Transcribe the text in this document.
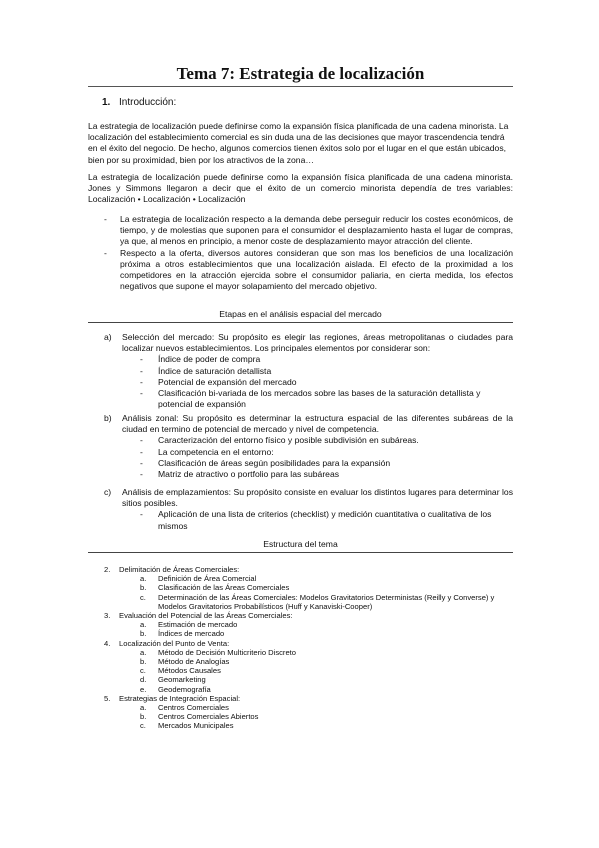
Tema 7: Estrategia de localización
1. Introducción:
La estrategia de localización puede definirse como la expansión física planificada de una cadena minorista. La localización del establecimiento comercial es sin duda una de las decisiones que mayor trascendencia tendrá en el éxito del negocio. De hecho, algunos comercios tienen éxitos solo por el lugar en el que están ubicados, bien por su proximidad, bien por los atractivos de la zona…
La estrategia de localización puede definirse como la expansión física planificada de una cadena minorista. Jones y Simmons llegaron a decir que el éxito de un comercio minorista dependía de tres variables: Localización • Localización • Localización
- La estrategia de localización respecto a la demanda debe perseguir reducir los costes económicos, de tiempo, y de molestias que suponen para el consumidor el desplazamiento hasta el lugar de compras, ya que, al menos en principio, a menor coste de desplazamiento mayor atracción del cliente.
- Respecto a la oferta, diversos autores consideran que son mas los beneficios de una localización próxima a otros establecimientos que una localización aislada. El efecto de la proximidad a los competidores en la atracción ejercida sobre el consumidor paliaria, en cierta medida, los efectos negativos que supone el mayor solapamiento del mercado objetivo.
Etapas en el análisis espacial del mercado
a) Selección del mercado: Su propósito es elegir las regiones, áreas metropolitanas o ciudades para localizar nuevos establecimientos. Los principales elementos por considerar son:
- Índice de poder de compra
- Índice de saturación detallista
- Potencial de expansión del mercado
- Clasificación bi-variada de los mercados sobre las bases de la saturación detallista y potencial de expansión
b) Análisis zonal: Su propósito es determinar la estructura espacial de las diferentes subáreas de la ciudad en termino de potencial de mercado y nivel de competencia.
- Caracterización del entorno físico y posible subdivisión en subáreas.
- La competencia en el entorno:
- Clasificación de áreas según posibilidades para la expansión
- Matriz de atractivo o portfolio para las subáreas
c) Análisis de emplazamientos: Su propósito consiste en evaluar los distintos lugares para determinar los sitios posibles.
- Aplicación de una lista de criterios (checklist) y medición cuantitativa o cualitativa de los mismos
Estructura del tema
2. Delimitación de Áreas Comerciales:
a. Definición de Área Comercial
b. Clasificación de las Áreas Comerciales
c. Determinación de las Áreas Comerciales: Modelos Gravitatorios Deterministas (Reilly y Converse) y Modelos Gravitatorios Probabilísticos (Huff y Kanaviski-Cooper)
3. Evaluación del Potencial de las Áreas Comerciales:
a. Estimación de mercado
b. Índices de mercado
4. Localización del Punto de Venta:
a. Método de Decisión Multicriterio Discreto
b. Método de Analogías
c. Métodos Causales
d. Geomarketing
e. Geodemografía
5. Estrategias de Integración Espacial:
a. Centros Comerciales
b. Centros Comerciales Abiertos
c. Mercados Municipales
